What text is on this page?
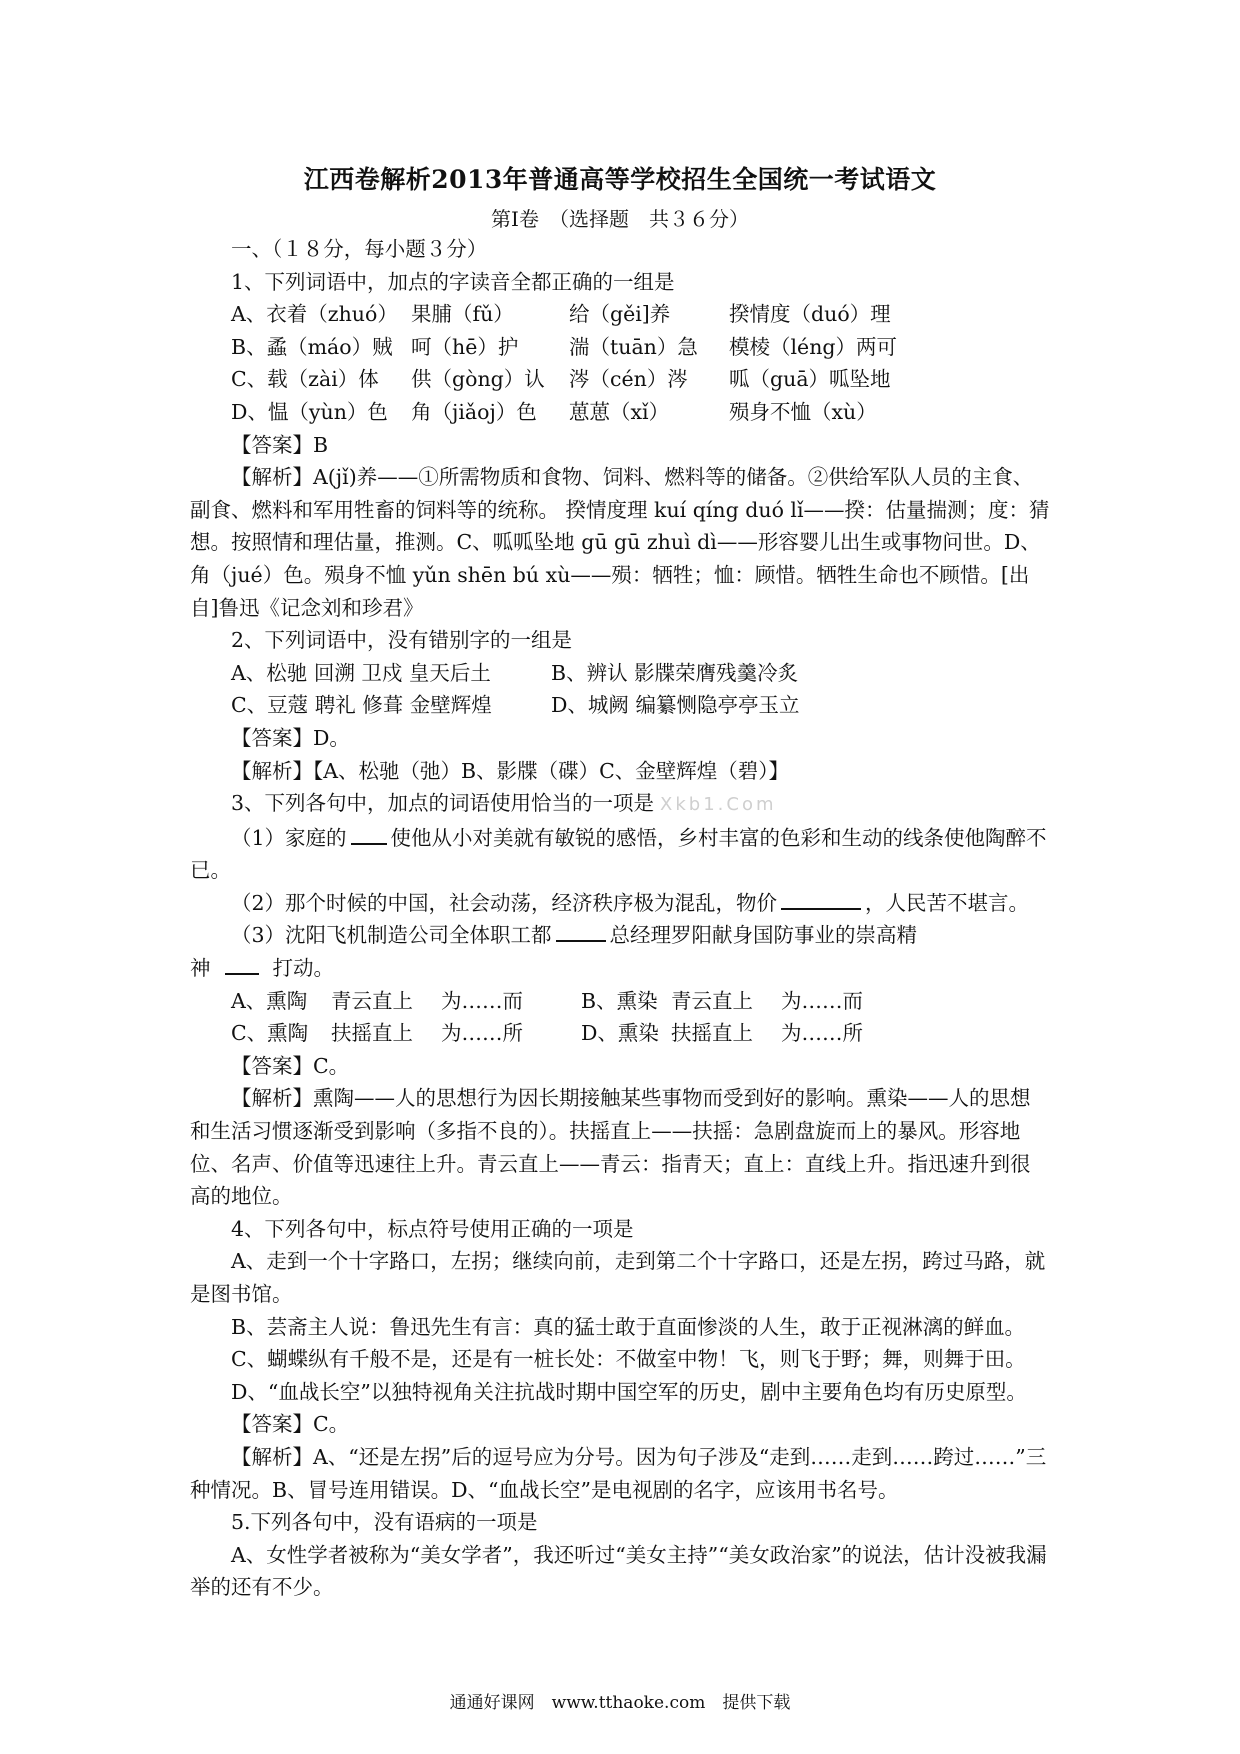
江西卷解析2013年普通高等学校招生全国统一考试语文
第Ⅰ卷　（选择题　共３６分）

一、（１８分，每小题３分）

1、下列词语中，加点的字读音全都正确的一组是

A、衣着（zhuó） 果脯（fǔ）	给（gěi]养	揆情度（duó）理
B、蟊（máo）贼 呵（hē）护	湍（tuān）急	模棱（léng）两可
C、载（zài）体	供（gòng）认	涔（cén）涔	呱（guā）呱坠地
D、愠（yùn）色	角（jiǎoj）色	葸葸（xǐ）	殒身不恤（xù）

【答案】B

【解析】A(jǐ)养——①所需物质和食物、饲料、燃料等的储备。②供给军队人员的主食、副食、燃料和军用牲畜的饲料等的统称。 揆情度理 kuí qíng duó lǐ——揆：估量揣测；度：猜想。按照情和理估量，推测。C、呱呱坠地 gū gū zhuì dì——形容婴儿出生或事物问世。D、角（jué）色。殒身不恤 yǔn shēn bú xù——殒：牺牲；恤：顾惜。牺牲生命也不顾惜。[出自]鲁迅《记念刘和珍君》

2、下列词语中，没有错别字的一组是

A、松驰 回溯 卫戍 皇天后土	B、辨认 影牒荣膺残羹冷炙
C、豆蔻 聘礼 修葺 金壁辉煌	D、城阙 编纂恻隐亭亭玉立

【答案】D。

【解析】【A、松驰（弛）B、影牒（碟）C、金壁辉煌（碧）】

3、下列各句中，加点的词语使用恰当的一项是 Xkb1.Com

（1）家庭的 使他从小对美就有敏锐的感悟，乡村丰富的色彩和生动的线条使他陶醉不已。

（2）那个时候的中国，社会动荡，经济秩序极为混乱，物价	，人民苦不堪言。

（3）沈阳飞机制造公司全体职工都	总经理罗阳献身国防事业的崇高精

神	打动。

A、熏陶	青云直上	为……而	B、熏染 青云直上	为……而
C、熏陶	扶摇直上	为……所	D、熏染 扶摇直上	为……所

【答案】C。

【解析】熏陶——人的思想行为因长期接触某些事物而受到好的影响。熏染——人的思想和生活习惯逐渐受到影响（多指不良的）。扶摇直上——扶摇：急剧盘旋而上的暴风。形容地位、名声、价值等迅速往上升。青云直上——青云：指青天；直上：直线上升。指迅速升到很高的地位。

4、下列各句中，标点符号使用正确的一项是

A、走到一个十字路口，左拐；继续向前，走到第二个十字路口，还是左拐，跨过马路，就是图书馆。

B、芸斋主人说：鲁迅先生有言：真的猛士敢于直面惨淡的人生，敢于正视淋漓的鲜血。

C、蝴蝶纵有千般不是，还是有一桩长处：不做室中物！飞，则飞于野；舞，则舞于田。

D、“血战长空”以独特视角关注抗战时期中国空军的历史，剧中主要角色均有历史原型。

【答案】C。

【解析】A、“还是左拐”后的逗号应为分号。因为句子涉及“走到……走到……跨过……”三种情况。B、冒号连用错误。D、“血战长空”是电视剧的名字，应该用书名号。

5.下列各句中，没有语病的一项是

A、女性学者被称为“美女学者”，我还听过“美女主持”“美女政治家”的说法，估计没被我漏举的还有不少。

通通好课网　www.tthaoke.com　提供下载
